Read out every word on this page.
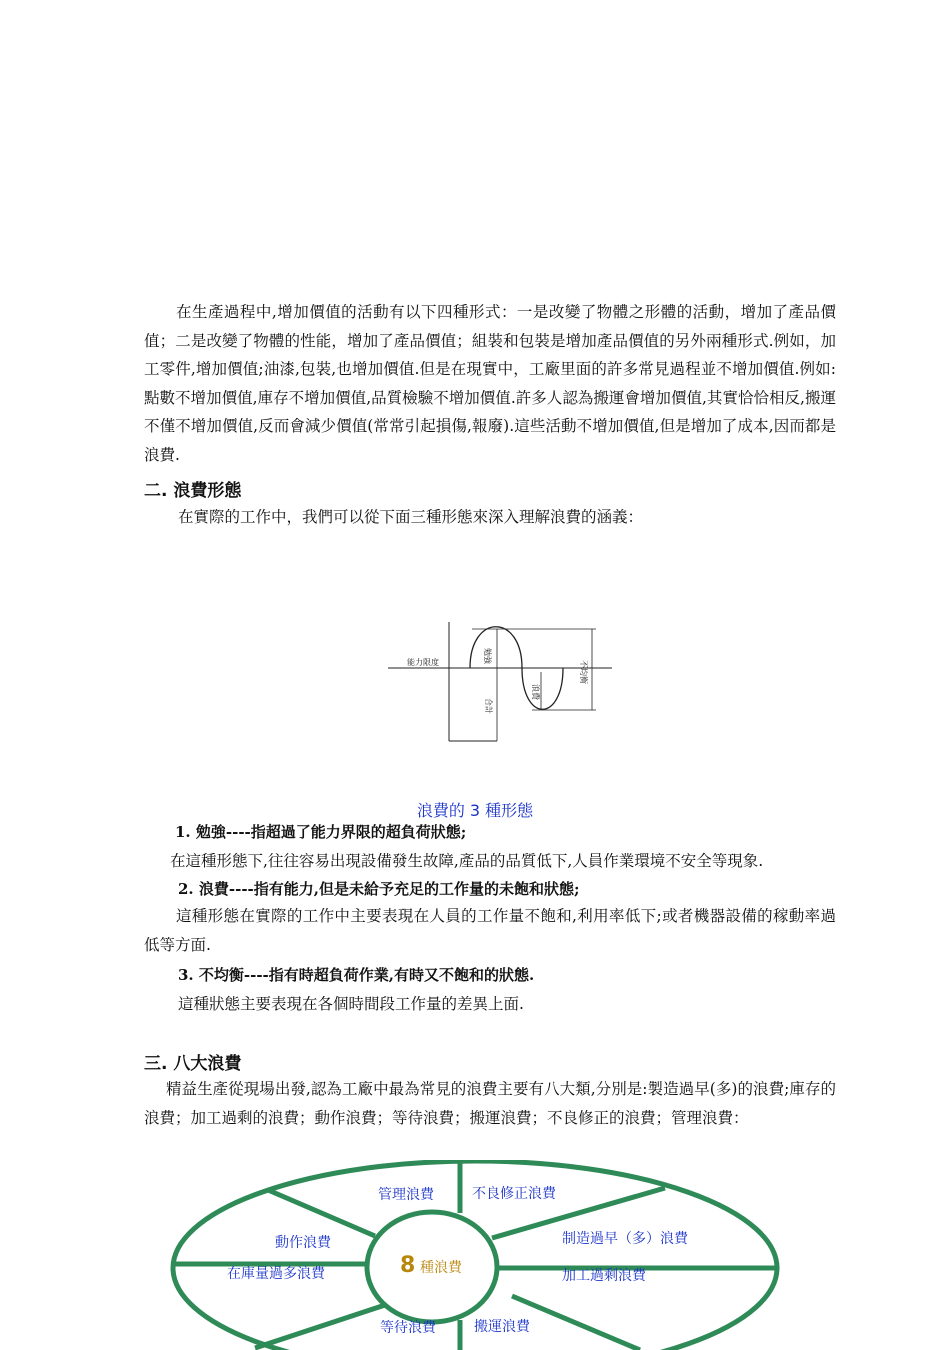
在生產過程中,增加價值的活動有以下四種形式：一是改變了物體之形體的活動，增加了產品價值；二是改變了物體的性能，增加了產品價值；組裝和包裝是增加產品價值的另外兩種形式.例如，加工零件,增加價值;油漆,包裝,也增加價值.但是在現實中，工廠里面的許多常見過程並不增加價值.例如:點數不增加價值,庫存不增加價值,品質檢驗不增加價值.許多人認為搬運會增加價值,其實恰恰相反,搬運不僅不增加價值,反而會減少價值(常常引起損傷,報廢).這些活動不增加價值,但是增加了成本,因而都是浪費.
二. 浪費形態
在實際的工作中，我們可以從下面三種形態來深入理解浪費的涵義：
能力限度	勉強
浪費
不均衡
合計
浪費的 3 種形態
1. 勉強----指超過了能力界限的超負荷狀態;
在這種形態下,往往容易出現設備發生故障,產品的品質低下,人員作業環境不安全等現象.
2. 浪費----指有能力,但是未給予充足的工作量的未飽和狀態;
這種形態在實際的工作中主要表現在人員的工作量不飽和,利用率低下;或者機器設備的稼動率過低等方面.
3. 不均衡----指有時超負荷作業,有時又不飽和的狀態.
這種狀態主要表現在各個時間段工作量的差異上面.
三. 八大浪費
精益生產從現場出發,認為工廠中最為常見的浪費主要有八大類,分別是:製造過早(多)的浪費;庫存的浪費；加工過剩的浪費；動作浪費；等待浪費；搬運浪費；不良修正的浪費；管理浪費：
8 種浪費
管理浪費	不良修正浪費
制造過早（多）浪費
加工過剩浪費
動作浪費
在庫量過多浪費
等待浪費	搬運浪費
